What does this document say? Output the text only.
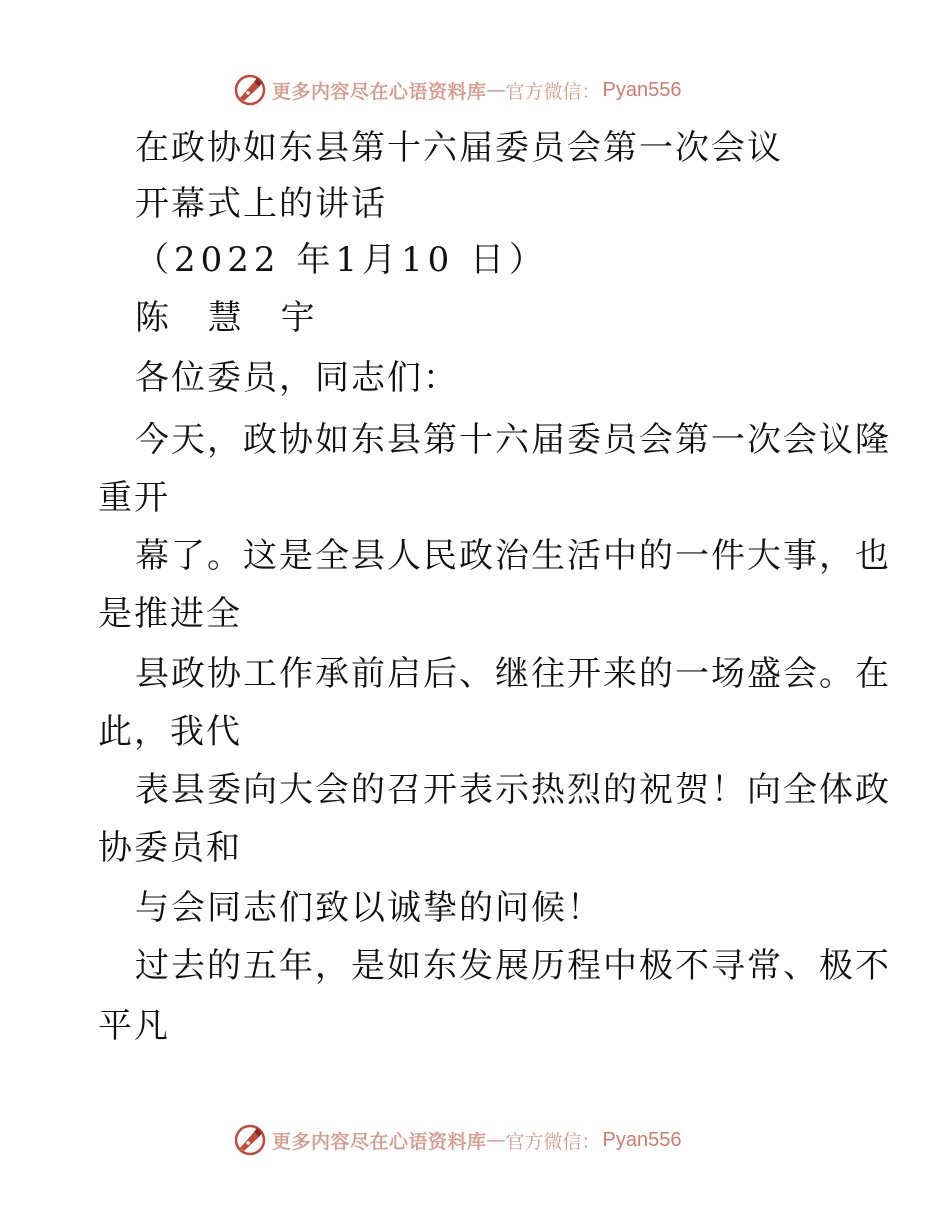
更多内容尽在心语资料库 — 官方微信： Pyan556
在政协如东县第十六届委员会第一次会议
开幕式上的讲话
（2022 年1月10 日）
陈 慧 宇
各位委员，同志们：
今天，政协如东县第十六届委员会第一次会议隆
重开
幕了。这是全县人民政治生活中的一件大事，也
是推进全
县政协工作承前启后、继往开来的一场盛会。在
此，我代
表县委向大会的召开表示热烈的祝贺！向全体政
协委员和
与会同志们致以诚挚的问候！
过去的五年，是如东发展历程中极不寻常、极不
平凡
更多内容尽在心语资料库 — 官方微信： Pyan556
